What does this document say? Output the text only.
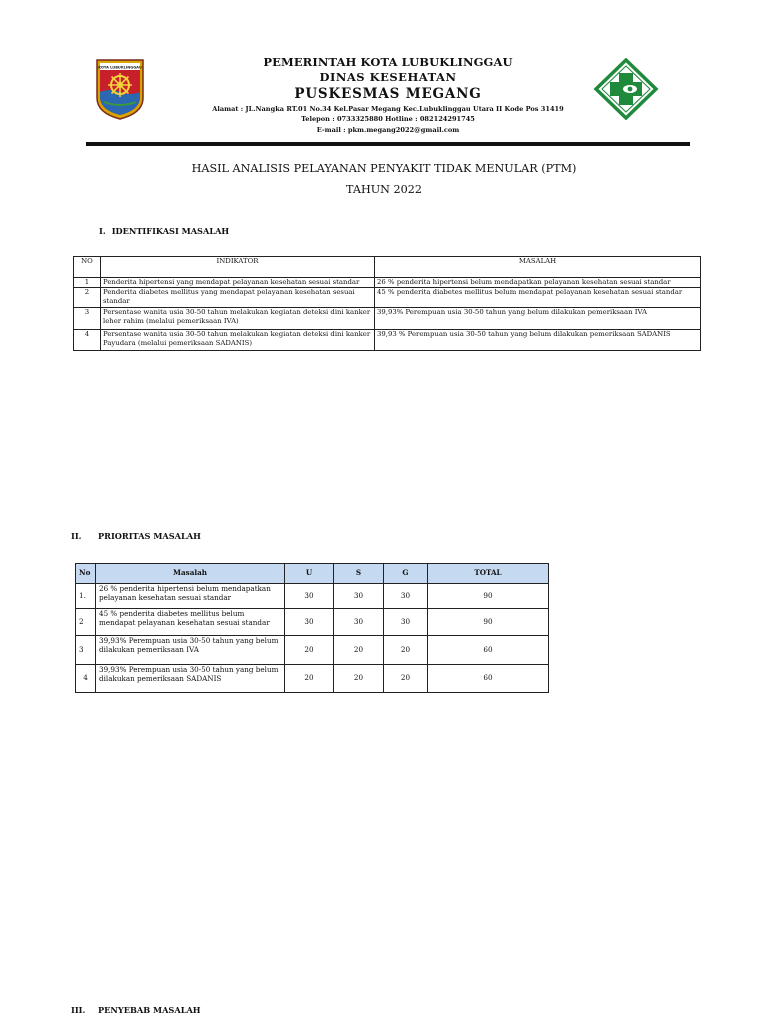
KOTA LUBUKLINGGAU	PEMERINTAH KOTA LUBUKLINGGAU

DINAS KESEHATAN

PUSKESMAS MEGANG

Alamat : JL.Nangka RT.01 No.34 Kel.Pasar Megang Kec.Lubuklinggau Utara II Kode Pos 31419

Telepon : 0733325880 Hotline : 082124291745

E-mail : pkm.megang2022@gmail.com

HASIL ANALISIS PELAYANAN PENYAKIT TIDAK MENULAR (PTM)

TAHUN 2022

I. IDENTIFIKASI MASALAH

NO	INDIKATOR	MASALAH
1	Penderita hipertensi yang mendapat pelayanan kesehatan sesuai standar	26 % penderita hipertensi belum mendapatkan pelayanan kesehatan sesuai standar
2	Penderita diabetes mellitus yang mendapat pelayanan kesehatan sesuai standar	45 % penderita diabetes mellitus belum mendapat pelayanan kesehatan sesuai standar
3	Persentase wanita usia 30-50 tahun melakukan kegiatan deteksi dini kanker leher rahim (melalui pemeriksaan IVA)	39,93% Perempuan usia 30-50 tahun yang belum dilakukan pemeriksaan IVA
4	Persentase wanita usia 30-50 tahun melakukan kegiatan deteksi dini kanker Payudara (melalui pemeriksaan SADANIS)	39,93 % Perempuan usia 30-50 tahun yang belum dilakukan pemeriksaan SADANIS

II. PRIORITAS MASALAH

No	Masalah	U	S	G	TOTAL
1.	26 % penderita hipertensi belum mendapatkan pelayanan kesehatan sesuai standar	30	30	30	90
2	45 % penderita diabetes mellitus belum mendapat pelayanan kesehatan sesuai standar	30	30	30	90
3	39,93% Perempuan usia 30-50 tahun yang belum dilakukan pemeriksaan IVA	20	20	20	60
4	39,93% Perempuan usia 30-50 tahun yang belum dilakukan pemeriksaan SADANIS	20	20	20	60

III. PENYEBAB MASALAH
